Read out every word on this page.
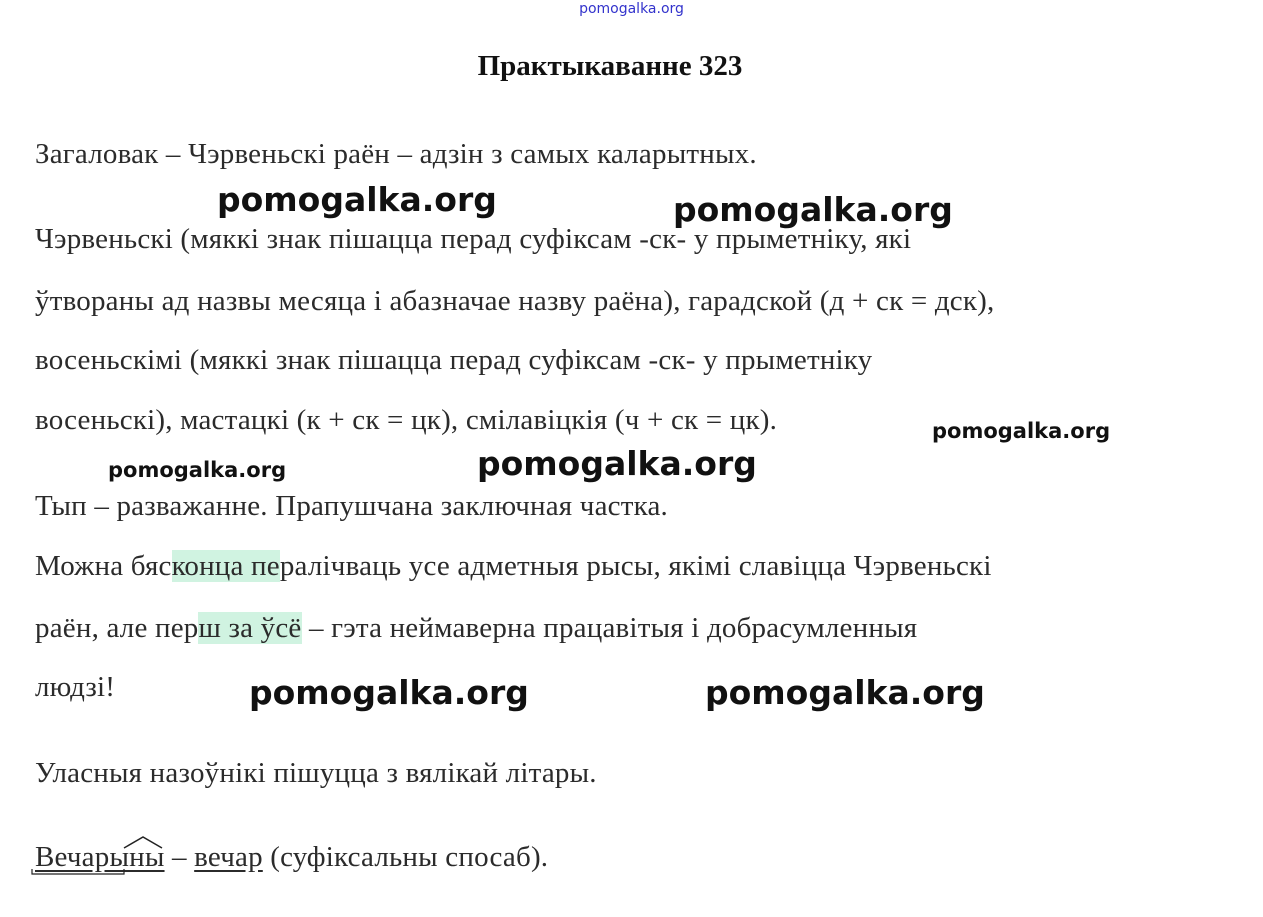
pomogalka.org
Практыкаванне 323
Загаловак – Чэрвеньскі раён – адзін з самых каларытных.
pomogalka.org	pomogalka.org
Чэрвеньскі (мяккі знак пішацца перад суфіксам -ск- у прыметніку, які
ўтвораны ад назвы месяца і абазначае назву раёна), гарадской (д + ск = дск),
восеньскімі (мяккі знак пішацца перад суфіксам -ск- у прыметніку
восеньскі), мастацкі (к + ск = цк), смілавіцкія (ч + ск = цк).	pomogalka.org
pomogalka.org	pomogalka.org
Тып – разважанне. Прапушчана заключная частка.
Можна бясконца пералічваць усе адметныя рысы, якімі славіцца Чэрвеньскі
раён, але перш за ўсё – гэта неймаверна працавітыя і добрасумленныя
людзі!	pomogalka.org	pomogalka.org
Уласныя назоўнікі пішуцца з вялікай літары.
Вечарыны – вечар (суфіксальны спосаб).
